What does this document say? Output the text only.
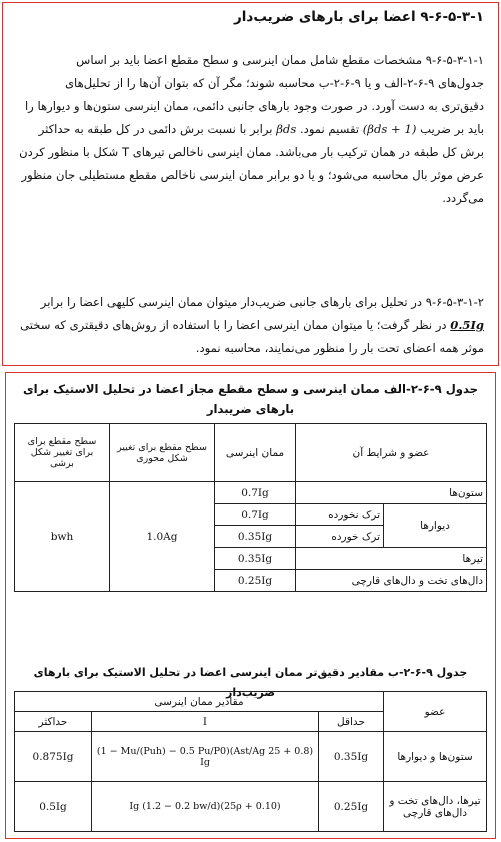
۹-۶-۵-۳-۱ اعضا برای بارهای ضریب‌دار
۹-۶-۵-۳-۱-۱ مشخصات مقطع شامل ممان اینرسی و سطح مقطع اعضا باید بر اساس
جدول‌های ۹-۶-۲-الف و یا ۹-۶-۲-ب محاسبه شوند؛ مگر آن که بتوان آن‌ها را از تحلیل‌های
دقیق‌تری به دست آورد. در صورت وجود بارهای جانبی دائمی، ممان اینرسی ستون‌ها و دیوارها را
باید بر ضریب (1 + βds) تقسیم نمود. βds برابر با نسبت برش دائمی در کل طبقه به حداکثر
برش کل طبقه در همان ترکیب بار می‌باشد. ممان اینرسی ناخالص تیرهای T شکل با منظور کردن
عرض موثر بال محاسبه می‌شود؛ و یا دو برابر ممان اینرسی ناخالص مقطع مستطیلی جان منظور
می‌گردد.
۹-۶-۵-۳-۱-۲ در تحلیل برای بارهای جانبی ضریب‌دار میتوان ممان اینرسی کلیهی اعضا را برابر
0.5Ig در نظر گرفت؛ یا میتوان ممان اینرسی اعضا را با استفاده از روش‌های دقیقتری که سختی
موثر همه اعضای تحت بار را منظور می‌نمایند، محاسبه نمود.
جدول ۹-۶-۲-الف ممان اینرسی و سطح مقطع مجاز اعضا در تحلیل الاستیک برای بارهای ضریبدار
عضو و شرایط آن		ممان اینرسی	سطح مقطع برای تغییر شکل محوری	سطح مقطع برای برای تغییر شکل برشی
ستون‌ها		0.7Ig	1.0Ag	bwh
دیوارها	ترک نخورده	0.7Ig		
	ترک خورده	0.35Ig		
تیرها		0.35Ig		
دال‌های تخت و دال‌های قارچی		0.25Ig		
جدول ۹-۶-۲-ب مقادیر دقیق‌تر ممان اینرسی اعضا در تحلیل الاستیک برای بارهای ضریب‌دار
عضو	مقادیر ممان اینرسی		
	حداقل	I	حداکثر
ستون‌ها و دیوارها	0.35Ig	(0.8 + 25 Ast/Ag)(1 − Mu/(Puh) − 0.5 Pu/P0) Ig	0.875Ig
تیرها، دال‌های تخت و دال‌های قارچی	0.25Ig	(0.10 + 25ρ)(1.2 − 0.2 bw/d) Ig	0.5Ig
